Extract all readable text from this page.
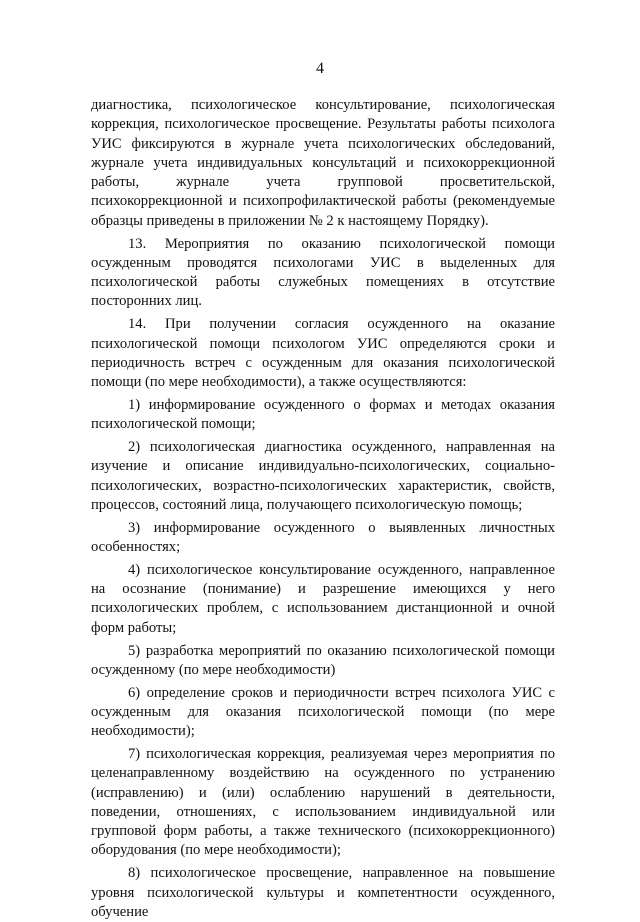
4

диагностика, психологическое консультирование, психологическая коррекция, психологическое просвещение. Результаты работы психолога УИС фиксируются в журнале учета психологических обследований, журнале учета индивидуальных консультаций и психокоррекционной работы, журнале учета групповой просветительской, психокоррекционной и психопрофилактической работы (рекомендуемые образцы приведены в приложении № 2 к настоящему Порядку).

13. Мероприятия по оказанию психологической помощи осужденным проводятся психологами УИС в выделенных для психологической работы служебных помещениях в отсутствие посторонних лиц.

14. При получении согласия осужденного на оказание психологической помощи психологом УИС определяются сроки и периодичность встреч с осужденным для оказания психологической помощи (по мере необходимости), а также осуществляются:

1) информирование осужденного о формах и методах оказания психологической помощи;

2) психологическая диагностика осужденного, направленная на изучение и описание индивидуально-психологических, социально-психологических, возрастно-психологических характеристик, свойств, процессов, состояний лица, получающего психологическую помощь;

3) информирование осужденного о выявленных личностных особенностях;

4) психологическое консультирование осужденного, направленное на осознание (понимание) и разрешение имеющихся у него психологических проблем, с использованием дистанционной и очной форм работы;

5) разработка мероприятий по оказанию психологической помощи осужденному (по мере необходимости)

6) определение сроков и периодичности встреч психолога УИС с осужденным для оказания психологической помощи (по мере необходимости);

7) психологическая коррекция, реализуемая через мероприятия по целенаправленному воздействию на осужденного по устранению (исправлению) и (или) ослаблению нарушений в деятельности, поведении, отношениях, с использованием индивидуальной или групповой форм работы, а также технического (психокоррекционного) оборудования (по мере необходимости);

8) психологическое просвещение, направленное на повышение уровня психологической культуры и компетентности осужденного, обучение
